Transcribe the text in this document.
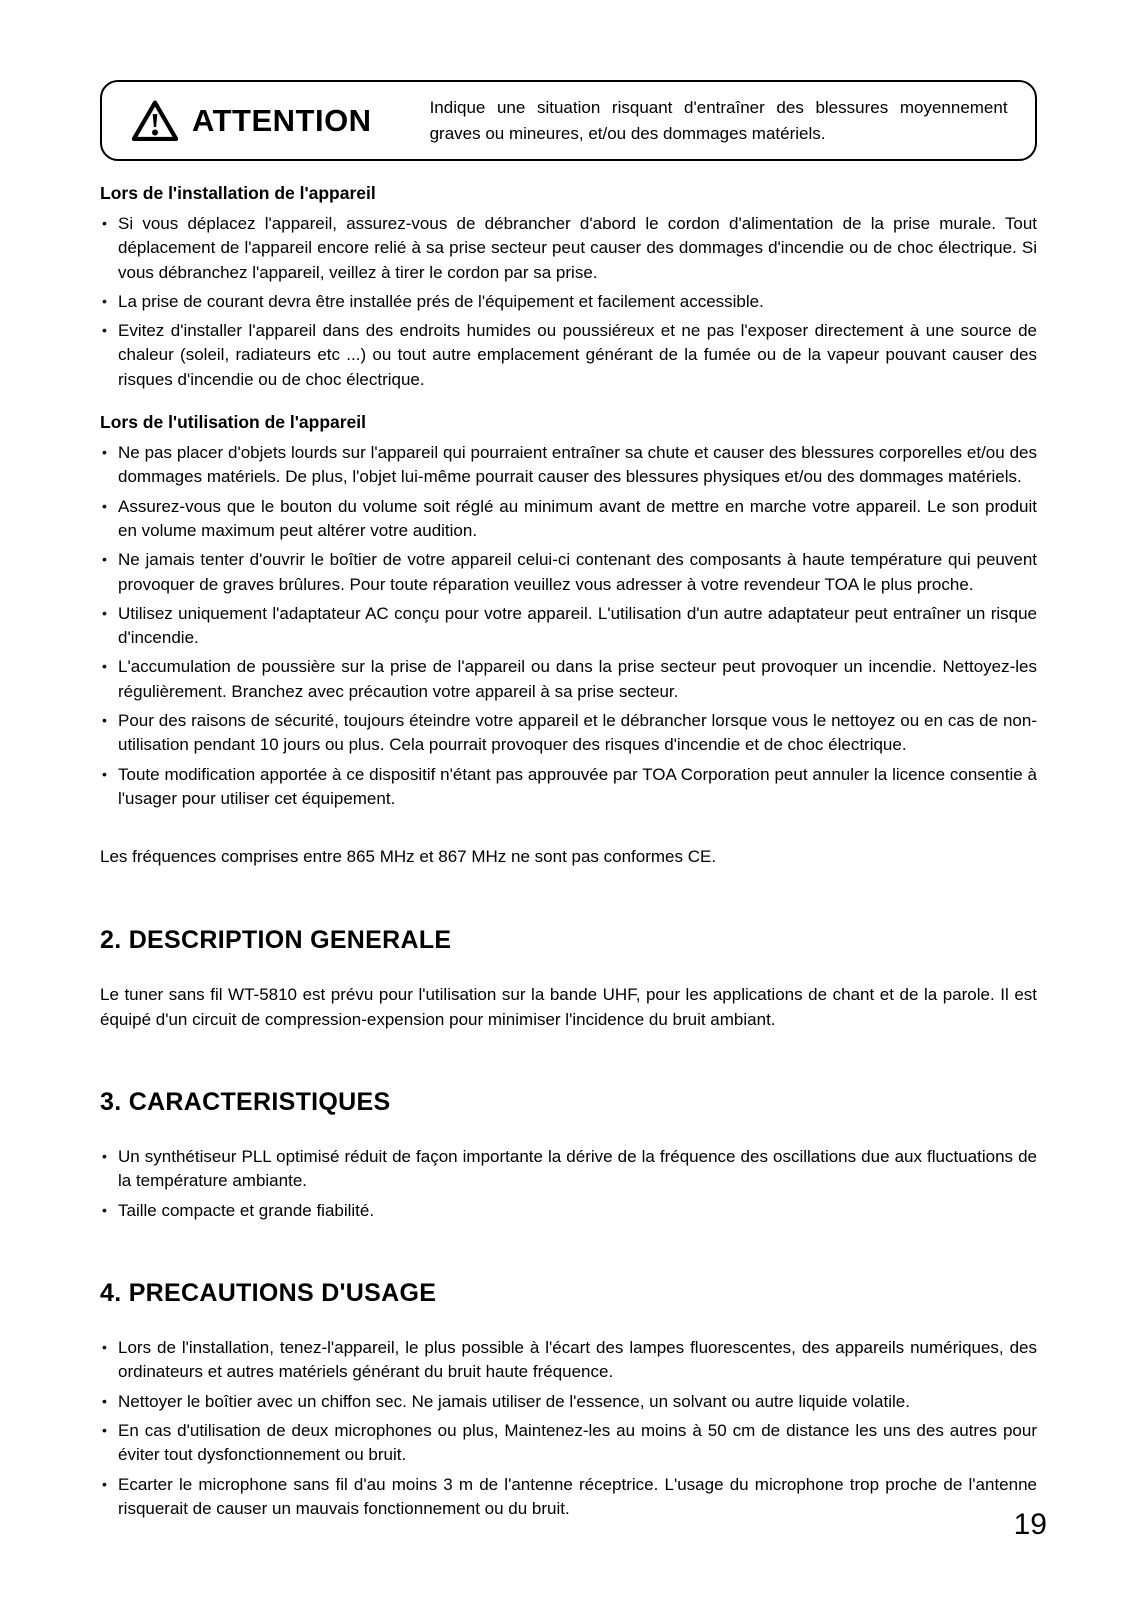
ATTENTION	Indique une situation risquant d'entraîner des blessures moyennement graves ou mineures, et/ou des dommages matériels.
Lors de l'installation de l'appareil
• Si vous déplacez l'appareil, assurez-vous de débrancher d'abord le cordon d'alimentation de la prise murale. Tout déplacement de l'appareil encore relié à sa prise secteur peut causer des dommages d'incendie ou de choc électrique. Si vous débranchez l'appareil, veillez à tirer le cordon par sa prise.
• La prise de courant devra être installée prés de l'équipement et facilement accessible.
• Evitez d'installer l'appareil dans des endroits humides ou poussiéreux et ne pas l'exposer directement à une source de chaleur (soleil, radiateurs etc ...) ou tout autre emplacement générant de la fumée ou de la vapeur pouvant causer des risques d'incendie ou de choc électrique.
Lors de l'utilisation de l'appareil
• Ne pas placer d'objets lourds sur l'appareil qui pourraient entraîner sa chute et causer des blessures corporelles et/ou des dommages matériels. De plus, l'objet lui-même pourrait causer des blessures physiques et/ou des dommages matériels.
• Assurez-vous que le bouton du volume soit réglé au minimum avant de mettre en marche votre appareil. Le son produit en volume maximum peut altérer votre audition.
• Ne jamais tenter d'ouvrir le boîtier de votre appareil celui-ci contenant des composants à haute température qui peuvent provoquer de graves brûlures. Pour toute réparation veuillez vous adresser à votre revendeur TOA le plus proche.
• Utilisez uniquement l'adaptateur AC conçu pour votre appareil. L'utilisation d'un autre adaptateur peut entraîner un risque d'incendie.
• L'accumulation de poussière sur la prise de l'appareil ou dans la prise secteur peut provoquer un incendie. Nettoyez-les régulièrement. Branchez avec précaution votre appareil à sa prise secteur.
• Pour des raisons de sécurité, toujours éteindre votre appareil et le débrancher lorsque vous le nettoyez ou en cas de non-utilisation pendant 10 jours ou plus. Cela pourrait provoquer des risques d'incendie et de choc électrique.
• Toute modification apportée à ce dispositif n'étant pas approuvée par TOA Corporation peut annuler la licence consentie à l'usager pour utiliser cet équipement.

Les fréquences comprises entre 865 MHz et 867 MHz ne sont pas conformes CE.

2. DESCRIPTION GENERALE

Le tuner sans fil WT-5810 est prévu pour l'utilisation sur la bande UHF, pour les applications de chant et de la parole. Il est équipé d'un circuit de compression-expension pour minimiser l'incidence du bruit ambiant.

3. CARACTERISTIQUES
• Un synthétiseur PLL optimisé réduit de façon importante la dérive de la fréquence des oscillations due aux fluctuations de la température ambiante.
• Taille compacte et grande fiabilité.
4. PRECAUTIONS D'USAGE
• Lors de l'installation, tenez-l'appareil, le plus possible à l'écart des lampes fluorescentes, des appareils numériques, des ordinateurs et autres matériels générant du bruit haute fréquence.
• Nettoyer le boîtier avec un chiffon sec. Ne jamais utiliser de l'essence, un solvant ou autre liquide volatile.
• En cas d'utilisation de deux microphones ou plus, Maintenez-les au moins à 50 cm de distance les uns des autres pour éviter tout dysfonctionnement ou bruit.
• Ecarter le microphone sans fil d'au moins 3 m de l'antenne réceptrice. L'usage du microphone trop proche de l'antenne risquerait de causer un mauvais fonctionnement ou du bruit.	19
